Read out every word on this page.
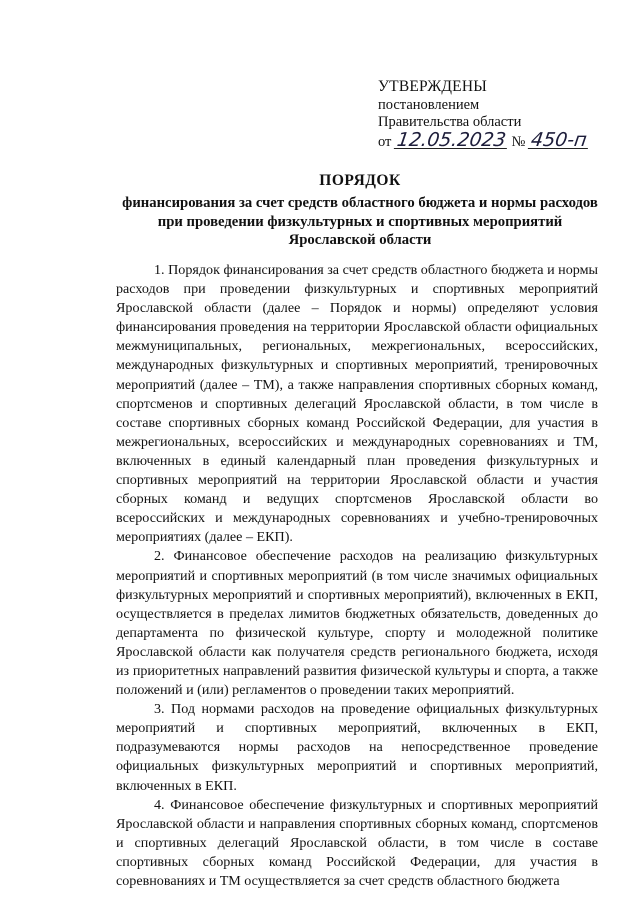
УТВЕРЖДЕНЫ
постановлением
Правительства области
от 12.05.2023 № 450-п
ПОРЯДОК
финансирования за счет средств областного бюджета и нормы расходов
при проведении физкультурных и спортивных мероприятий
Ярославской области

1. Порядок финансирования за счет средств областного бюджета и нормы расходов при проведении физкультурных и спортивных мероприятий Ярославской области (далее – Порядок и нормы) определяют условия финансирования проведения на территории Ярославской области официальных межмуниципальных, региональных, межрегиональных, всероссийских, международных физкультурных и спортивных мероприятий, тренировочных мероприятий (далее – ТМ), а также направления спортивных сборных команд, спортсменов и спортивных делегаций Ярославской области, в том числе в составе спортивных сборных команд Российской Федерации, для участия в межрегиональных, всероссийских и международных соревнованиях и ТМ, включенных в единый календарный план проведения физкультурных и спортивных мероприятий на территории Ярославской области и участия сборных команд и ведущих спортсменов Ярославской области во всероссийских и международных соревнованиях и учебно-тренировочных мероприятиях (далее – ЕКП).

2. Финансовое обеспечение расходов на реализацию физкультурных мероприятий и спортивных мероприятий (в том числе значимых официальных физкультурных мероприятий и спортивных мероприятий), включенных в ЕКП, осуществляется в пределах лимитов бюджетных обязательств, доведенных до департамента по физической культуре, спорту и молодежной политике Ярославской области как получателя средств регионального бюджета, исходя из приоритетных направлений развития физической культуры и спорта, а также положений и (или) регламентов о проведении таких мероприятий.

3. Под нормами расходов на проведение официальных физкультурных мероприятий и спортивных мероприятий, включенных в ЕКП, подразумеваются нормы расходов на непосредственное проведение официальных физкультурных мероприятий и спортивных мероприятий, включенных в ЕКП.

4. Финансовое обеспечение физкультурных и спортивных мероприятий Ярославской области и направления спортивных сборных команд, спортсменов и спортивных делегаций Ярославской области, в том числе в составе спортивных сборных команд Российской Федерации, для участия в соревнованиях и ТМ осуществляется за счет средств областного бюджета
